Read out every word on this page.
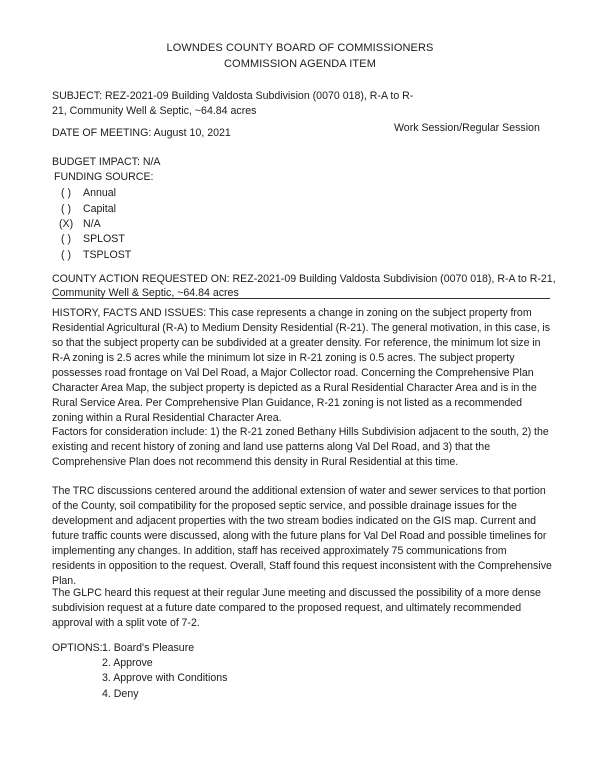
LOWNDES COUNTY BOARD OF COMMISSIONERS
COMMISSION AGENDA ITEM
SUBJECT: REZ-2021-09 Building Valdosta Subdivision (0070 018), R-A to R-
21, Community Well & Septic, ~64.84 acres
DATE OF MEETING: August 10, 2021	Work Session/Regular Session
BUDGET IMPACT: N/A
FUNDING SOURCE:
( ) Annual
( ) Capital
(X) N/A
( ) SPLOST
( ) TSPLOST
COUNTY ACTION REQUESTED ON: REZ-2021-09 Building Valdosta Subdivision (0070 018), R-A to R-21,
Community Well & Septic, ~64.84 acres
HISTORY, FACTS AND ISSUES: This case represents a change in zoning on the subject property from Residential Agricultural (R-A) to Medium Density Residential (R-21). The general motivation, in this case, is so that the subject property can be subdivided at a greater density. For reference, the minimum lot size in R-A zoning is 2.5 acres while the minimum lot size in R-21 zoning is 0.5 acres. The subject property possesses road frontage on Val Del Road, a Major Collector road. Concerning the Comprehensive Plan Character Area Map, the subject property is depicted as a Rural Residential Character Area and is in the Rural Service Area. Per Comprehensive Plan Guidance, R-21 zoning is not listed as a recommended zoning within a Rural Residential Character Area.
Factors for consideration include: 1) the R-21 zoned Bethany Hills Subdivision adjacent to the south, 2) the existing and recent history of zoning and land use patterns along Val Del Road, and 3) that the Comprehensive Plan does not recommend this density in Rural Residential at this time.
The TRC discussions centered around the additional extension of water and sewer services to that portion of the County, soil compatibility for the proposed septic service, and possible drainage issues for the development and adjacent properties with the two stream bodies indicated on the GIS map. Current and future traffic counts were discussed, along with the future plans for Val Del Road and possible timelines for implementing any changes. In addition, staff has received approximately 75 communications from residents in opposition to the request. Overall, Staff found this request inconsistent with the Comprehensive Plan.
The GLPC heard this request at their regular June meeting and discussed the possibility of a more dense subdivision request at a future date compared to the proposed request, and ultimately recommended approval with a split vote of 7-2.
OPTIONS: 1. Board's Pleasure
2. Approve
3. Approve with Conditions
4. Deny
